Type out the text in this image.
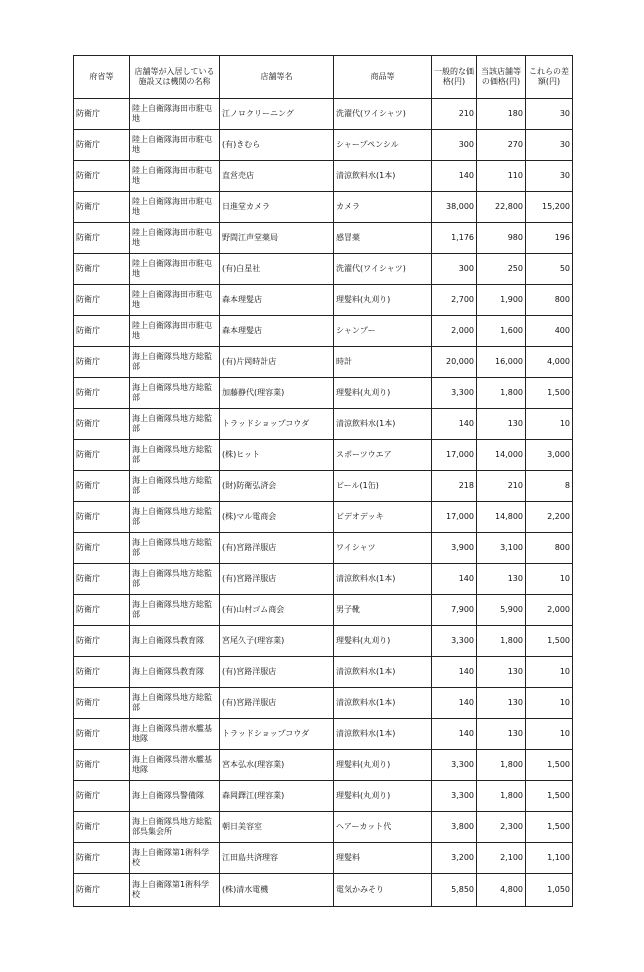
府省等	店舗等が入居している施設又は機関の名称	店舗等名	商品等	一般的な価格(円)	当該店舗等の価格(円)	これらの差額(円)
防衛庁	陸上自衛隊海田市駐屯地	江ノロクリーニング	洗濯代(ワイシャツ)	210	180	30
防衛庁	陸上自衛隊海田市駐屯地	(有)きむら	シャープペンシル	300	270	30
防衛庁	陸上自衛隊海田市駐屯地	直営売店	清涼飲料水(1本)	140	110	30
防衛庁	陸上自衛隊海田市駐屯地	日進堂カメラ	カメラ	38,000	22,800	15,200
防衛庁	陸上自衛隊海田市駐屯地	野間江声堂薬局	感冒薬	1,176	980	196
防衛庁	陸上自衛隊海田市駐屯地	(有)白星社	洗濯代(ワイシャツ)	300	250	50
防衛庁	陸上自衛隊海田市駐屯地	森本理髪店	理髪料(丸刈り)	2,700	1,900	800
防衛庁	陸上自衛隊海田市駐屯地	森本理髪店	シャンプー	2,000	1,600	400
防衛庁	海上自衛隊呉地方総監部	(有)片岡時計店	時計	20,000	16,000	4,000
防衛庁	海上自衛隊呉地方総監部	加藤静代(理容業)	理髪料(丸刈り)	3,300	1,800	1,500
防衛庁	海上自衛隊呉地方総監部	トラッドショップコウダ	清涼飲料水(1本)	140	130	10
防衛庁	海上自衛隊呉地方総監部	(株)ヒット	スポーツウエア	17,000	14,000	3,000
防衛庁	海上自衛隊呉地方総監部	(財)防衛弘済会	ビール(1缶)	218	210	8
防衛庁	海上自衛隊呉地方総監部	(株)マル電商会	ビデオデッキ	17,000	14,800	2,200
防衛庁	海上自衛隊呉地方総監部	(有)宮路洋服店	ワイシャツ	3,900	3,100	800
防衛庁	海上自衛隊呉地方総監部	(有)宮路洋服店	清涼飲料水(1本)	140	130	10
防衛庁	海上自衛隊呉地方総監部	(有)山村ゴム商会	男子靴	7,900	5,900	2,000
防衛庁	海上自衛隊呉教育隊	宮尾久子(理容業)	理髪料(丸刈り)	3,300	1,800	1,500
防衛庁	海上自衛隊呉教育隊	(有)宮路洋服店	清涼飲料水(1本)	140	130	10
防衛庁	海上自衛隊呉地方総監部	(有)宮路洋服店	清涼飲料水(1本)	140	130	10
防衛庁	海上自衛隊呉潜水艦基地隊	トラッドショップコウダ	清涼飲料水(1本)	140	130	10
防衛庁	海上自衛隊呉潜水艦基地隊	宮本弘水(理容業)	理髪料(丸刈り)	3,300	1,800	1,500
防衛庁	海上自衛隊呉警備隊	森岡鐸江(理容業)	理髪料(丸刈り)	3,300	1,800	1,500
防衛庁	海上自衛隊呉地方総監部呉集会所	朝日美容室	ヘアーカット代	3,800	2,300	1,500
防衛庁	海上自衛隊第1術科学校	江田島共済理容	理髪料	3,200	2,100	1,100
防衛庁	海上自衛隊第1術科学校	(株)清水電機	電気かみそり	5,850	4,800	1,050
